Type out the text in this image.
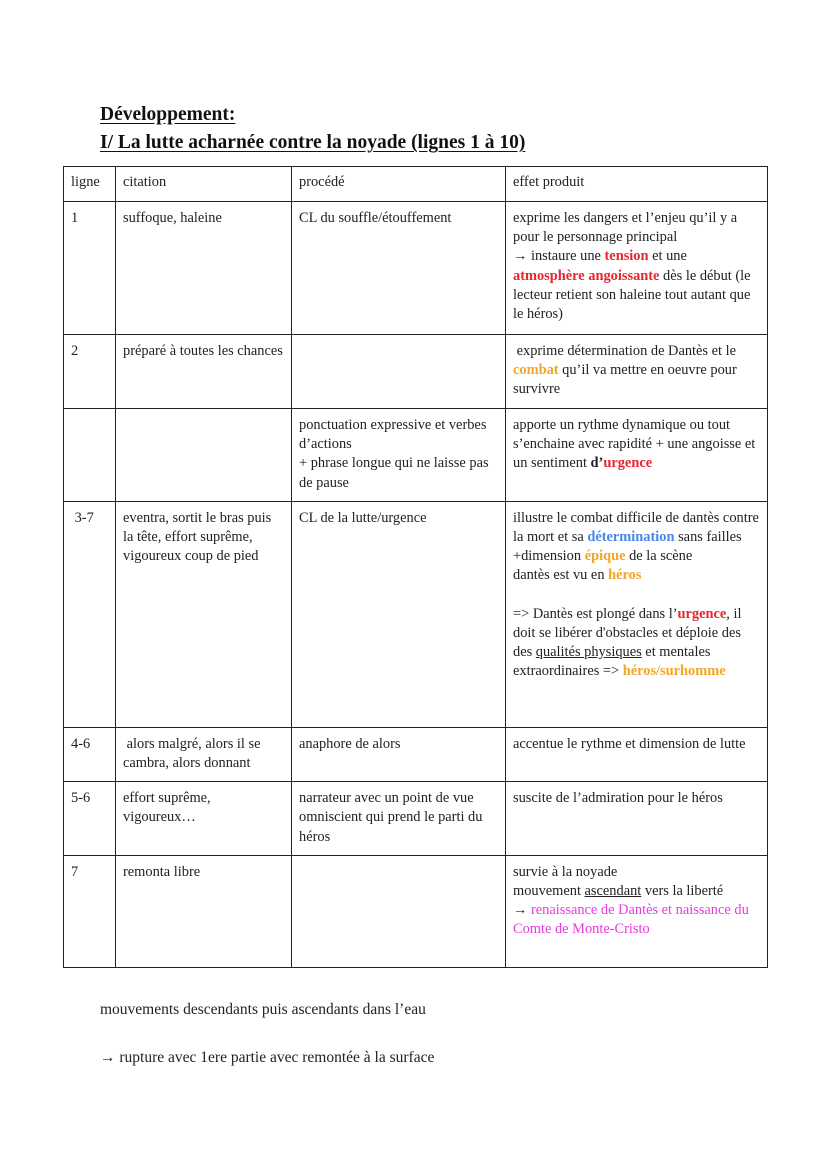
Développement:
I/ La lutte acharnée contre la noyade (lignes 1 à 10)
ligne	citation	procédé	effet produit
1	suffoque, haleine	CL du souffle/étouffement	exprime les dangers et l’enjeu qu’il y a pour le personnage principal
→ instaure une tension et une atmosphère angoissante dès le début (le lecteur retient son haleine tout autant que le héros)
2	préparé à toutes les chances		exprime détermination de Dantès et le combat qu’il va mettre en oeuvre pour survivre

		ponctuation expressive et verbes d’actions
+ phrase longue qui ne laisse pas de pause	apporte un rythme dynamique ou tout s’enchaine avec rapidité + une angoisse et un sentiment d’urgence
3-7	eventra, sortit le bras puis la tête, effort suprême, vigoureux coup de pied	CL de la lutte/urgence	illustre le combat difficile de dantès contre la mort et sa détermination sans failles
+dimension épique de la scène
dantès est vu en héros
=> Dantès est plongé dans l’urgence, il doit se libérer d'obstacles et déploie des des qualités physiques et mentales extraordinaires => héros/surhomme
4-6	alors malgré, alors il se cambra, alors donnant	anaphore de alors	accentue le rythme et dimension de lutte
5-6	effort suprême, vigoureux…	narrateur avec un point de vue omniscient qui prend le parti du héros	suscite de l’admiration pour le héros
7	remonta libre		survie à la noyade
mouvement ascendant vers la liberté
→ renaissance de Dantès et naissance du Comte de Monte-Cristo
mouvements descendants puis ascendants dans l’eau
→ rupture avec 1ere partie avec remontée à la surface
